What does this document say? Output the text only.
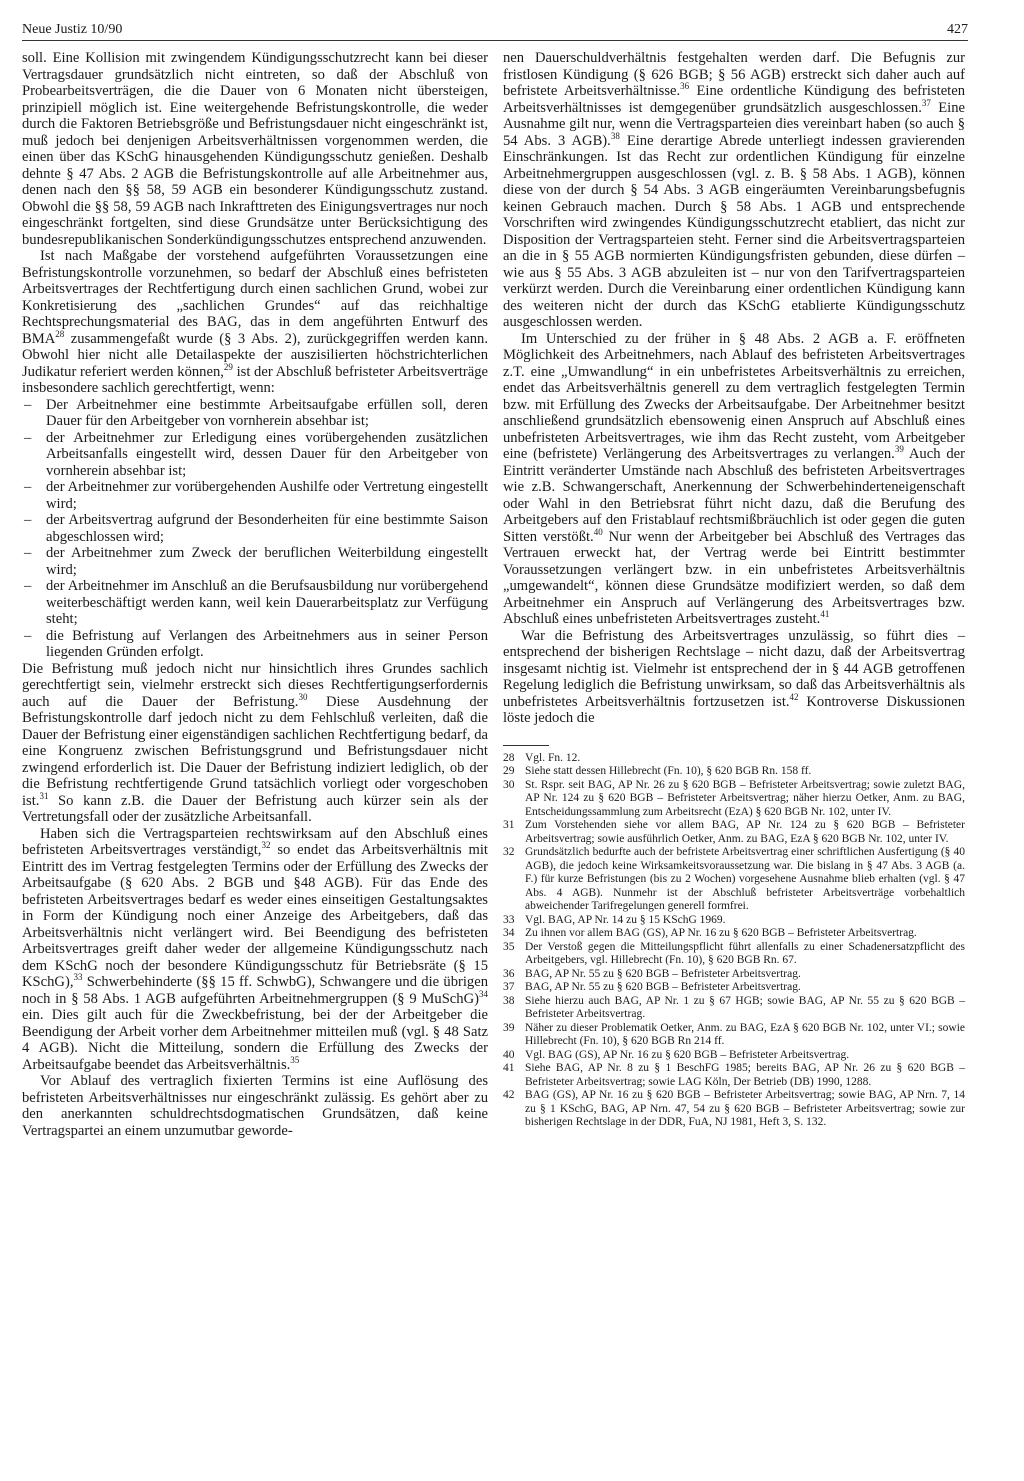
Neue Justiz 10/90	427

soll. Eine Kollision mit zwingendem Kündigungsschutzrecht kann bei dieser Vertragsdauer grundsätzlich nicht eintreten, so daß der Abschluß von Probearbeitsverträgen, die die Dauer von 6 Monaten nicht übersteigen, prinzipiell möglich ist. Eine weitergehende Befristungskontrolle, die weder durch die Faktoren Betriebsgröße und Befristungsdauer nicht eingeschränkt ist, muß jedoch bei denjenigen Arbeitsverhältnissen vorgenommen werden, die einen über das KSchG hinausgehenden Kündigungsschutz genießen. Deshalb dehnte § 47 Abs. 2 AGB die Befristungskontrolle auf alle Arbeitnehmer aus, denen nach den §§ 58, 59 AGB ein besonderer Kündigungsschutz zustand. Obwohl die §§ 58, 59 AGB nach Inkrafttreten des Einigungsvertrages nur noch eingeschränkt fortgelten, sind diese Grundsätze unter Berücksichtigung des bundesrepublikanischen Sonderkündigungsschutzes entsprechend anzuwenden.

Ist nach Maßgabe der vorstehend aufgeführten Voraussetzungen eine Befristungskontrolle vorzunehmen, so bedarf der Abschluß eines befristeten Arbeitsvertrages der Rechtfertigung durch einen sachlichen Grund, wobei zur Konkretisierung des „sachlichen Grundes“ auf das reichhaltige Rechtsprechungsmaterial des BAG, das in dem angeführten Entwurf des BMA$^{28}$ zusammengefaßt wurde (§ 3 Abs. 2), zurückgegriffen werden kann. Obwohl hier nicht alle Detailaspekte der auszisilierten höchstrichterlichen Judikatur referiert werden können,$^{29}$ ist der Abschluß befristeter Arbeitsverträge insbesondere sachlich gerechtfertigt, wenn:

– Der Arbeitnehmer eine bestimmte Arbeitsaufgabe erfüllen soll, deren Dauer für den Arbeitgeber von vornherein absehbar ist;
– der Arbeitnehmer zur Erledigung eines vorübergehenden zusätzlichen Arbeitsanfalls eingestellt wird, dessen Dauer für den Arbeitgeber von vornherein absehbar ist;
– der Arbeitnehmer zur vorübergehenden Aushilfe oder Vertretung eingestellt wird;
– der Arbeitsvertrag aufgrund der Besonderheiten für eine bestimmte Saison abgeschlossen wird;
– der Arbeitnehmer zum Zweck der beruflichen Weiterbildung eingestellt wird;
– der Arbeitnehmer im Anschluß an die Berufsausbildung nur vorübergehend weiterbeschäftigt werden kann, weil kein Dauerarbeitsplatz zur Verfügung steht;
– die Befristung auf Verlangen des Arbeitnehmers aus in seiner Person liegenden Gründen erfolgt.

Die Befristung muß jedoch nicht nur hinsichtlich ihres Grundes sachlich gerechtfertigt sein, vielmehr erstreckt sich dieses Rechtfertigungserfordernis auch auf die Dauer der Befristung.$^{30}$ Diese Ausdehnung der Befristungskontrolle darf jedoch nicht zu dem Fehlschluß verleiten, daß die Dauer der Befristung einer eigenständigen sachlichen Rechtfertigung bedarf, da eine Kongruenz zwischen Befristungsgrund und Befristungsdauer nicht zwingend erforderlich ist. Die Dauer der Befristung indiziert lediglich, ob der die Befristung rechtfertigende Grund tatsächlich vorliegt oder vorgeschoben ist.$^{31}$ So kann z.B. die Dauer der Befristung auch kürzer sein als der Vertretungsfall oder der zusätzliche Arbeitsanfall.

Haben sich die Vertragsparteien rechtswirksam auf den Abschluß eines befristeten Arbeitsvertrages verständigt,$^{32}$ so endet das Arbeitsverhältnis mit Eintritt des im Vertrag festgelegten Termins oder der Erfüllung des Zwecks der Arbeitsaufgabe (§ 620 Abs. 2 BGB und §48 AGB). Für das Ende des befristeten Arbeitsvertrages bedarf es weder eines einseitigen Gestaltungsaktes in Form der Kündigung noch einer Anzeige des Arbeitgebers, daß das Arbeitsverhältnis nicht verlängert wird. Bei Beendigung des befristeten Arbeitsvertrages greift daher weder der allgemeine Kündigungsschutz nach dem KSchG noch der besondere Kündigungsschutz für Betriebsräte (§ 15 KSchG),$^{33}$ Schwerbehinderte (§§ 15 ff. SchwbG), Schwangere und die übrigen noch in § 58 Abs. 1 AGB aufgeführten Arbeitnehmergruppen (§ 9 MuSchG)$^{34}$ ein. Dies gilt auch für die Zweckbefristung, bei der der Arbeitgeber die Beendigung der Arbeit vorher dem Arbeitnehmer mitteilen muß (vgl. § 48 Satz 4 AGB). Nicht die Mitteilung, sondern die Erfüllung des Zwecks der Arbeitsaufgabe beendet das Arbeitsverhältnis.$^{35}$

Vor Ablauf des vertraglich fixierten Termins ist eine Auflösung des befristeten Arbeitsverhältnisses nur eingeschränkt zulässig. Es gehört aber zu den anerkannten schuldrechtsdogmatischen Grundsätzen, daß keine Vertragspartei an einem unzumutbar geworde-

nen Dauerschuldverhältnis festgehalten werden darf. Die Befugnis zur fristlosen Kündigung (§ 626 BGB; § 56 AGB) erstreckt sich daher auch auf befristete Arbeitsverhältnisse.$^{36}$ Eine ordentliche Kündigung des befristeten Arbeitsverhältnisses ist demgegenüber grundsätzlich ausgeschlossen.$^{37}$ Eine Ausnahme gilt nur, wenn die Vertragsparteien dies vereinbart haben (so auch § 54 Abs. 3 AGB).$^{38}$ Eine derartige Abrede unterliegt indessen gravierenden Einschränkungen. Ist das Recht zur ordentlichen Kündigung für einzelne Arbeitnehmergruppen ausgeschlossen (vgl. z. B. § 58 Abs. 1 AGB), können diese von der durch § 54 Abs. 3 AGB eingeräumten Vereinbarungsbefugnis keinen Gebrauch machen. Durch § 58 Abs. 1 AGB und entsprechende Vorschriften wird zwingendes Kündigungsschutzrecht etabliert, das nicht zur Disposition der Vertragsparteien steht. Ferner sind die Arbeitsvertragsparteien an die in § 55 AGB normierten Kündigungsfristen gebunden, diese dürfen – wie aus § 55 Abs. 3 AGB abzuleiten ist – nur von den Tarifvertragsparteien verkürzt werden. Durch die Vereinbarung einer ordentlichen Kündigung kann des weiteren nicht der durch das KSchG etablierte Kündigungsschutz ausgeschlossen werden.

Im Unterschied zu der früher in § 48 Abs. 2 AGB a. F. eröffneten Möglichkeit des Arbeitnehmers, nach Ablauf des befristeten Arbeitsvertrages z.T. eine „Umwandlung“ in ein unbefristetes Arbeitsverhältnis zu erreichen, endet das Arbeitsverhältnis generell zu dem vertraglich festgelegten Termin bzw. mit Erfüllung des Zwecks der Arbeitsaufgabe. Der Arbeitnehmer besitzt anschließend grundsätzlich ebensowenig einen Anspruch auf Abschluß eines unbefristeten Arbeitsvertrages, wie ihm das Recht zusteht, vom Arbeitgeber eine (befristete) Verlängerung des Arbeitsvertrages zu verlangen.$^{39}$ Auch der Eintritt veränderter Umstände nach Abschluß des befristeten Arbeitsvertrages wie z.B. Schwangerschaft, Anerkennung der Schwerbehinderteneigenschaft oder Wahl in den Betriebsrat führt nicht dazu, daß die Berufung des Arbeitgebers auf den Fristablauf rechtsmißbräuchlich ist oder gegen die guten Sitten verstößt.$^{40}$ Nur wenn der Arbeitgeber bei Abschluß des Vertrages das Vertrauen erweckt hat, der Vertrag werde bei Eintritt bestimmter Voraussetzungen verlängert bzw. in ein unbefristetes Arbeitsverhältnis „umgewandelt“, können diese Grundsätze modifiziert werden, so daß dem Arbeitnehmer ein Anspruch auf Verlängerung des Arbeitsvertrages bzw. Abschluß eines unbefristeten Arbeitsvertrages zusteht.$^{41}$

War die Befristung des Arbeitsvertrages unzulässig, so führt dies – entsprechend der bisherigen Rechtslage – nicht dazu, daß der Arbeitsvertrag insgesamt nichtig ist. Vielmehr ist entsprechend der in § 44 AGB getroffenen Regelung lediglich die Befristung unwirksam, so daß das Arbeitsverhältnis als unbefristetes Arbeitsverhältnis fortzusetzen ist.$^{42}$ Kontroverse Diskussionen löste jedoch die

28 Vgl. Fn. 12.
29 Siehe statt dessen Hillebrecht (Fn. 10), § 620 BGB Rn. 158 ff.
30 St. Rspr. seit BAG, AP Nr. 26 zu § 620 BGB – Befristeter Arbeitsvertrag; sowie zuletzt BAG, AP Nr. 124 zu § 620 BGB – Befristeter Arbeitsvertrag; näher hierzu Oetker, Anm. zu BAG, Entscheidungssammlung zum Arbeitsrecht (EzA) § 620 BGB Nr. 102, unter IV.
31 Zum Vorstehenden siehe vor allem BAG, AP Nr. 124 zu § 620 BGB – Befristeter Arbeitsvertrag; sowie ausführlich Oetker, Anm. zu BAG, EzA § 620 BGB Nr. 102, unter IV.
32 Grundsätzlich bedurfte auch der befristete Arbeitsvertrag einer schriftlichen Ausfertigung (§ 40 AGB), die jedoch keine Wirksamkeitsvoraussetzung war. Die bislang in § 47 Abs. 3 AGB (a. F.) für kurze Befristungen (bis zu 2 Wochen) vorgesehene Ausnahme blieb erhalten (vgl. § 47 Abs. 4 AGB). Nunmehr ist der Abschluß befristeter Arbeitsverträge vorbehaltlich abweichender Tarifregelungen generell formfrei.
33 Vgl. BAG, AP Nr. 14 zu § 15 KSchG 1969.
34 Zu ihnen vor allem BAG (GS), AP Nr. 16 zu § 620 BGB – Befristeter Arbeitsvertrag.
35 Der Verstoß gegen die Mitteilungspflicht führt allenfalls zu einer Schadenersatzpflicht des Arbeitgebers, vgl. Hillebrecht (Fn. 10), § 620 BGB Rn. 67.
36 BAG, AP Nr. 55 zu § 620 BGB – Befristeter Arbeitsvertrag.
37 BAG, AP Nr. 55 zu § 620 BGB – Befristeter Arbeitsvertrag.
38 Siehe hierzu auch BAG, AP Nr. 1 zu § 67 HGB; sowie BAG, AP Nr. 55 zu § 620 BGB – Befristeter Arbeitsvertrag.
39 Näher zu dieser Problematik Oetker, Anm. zu BAG, EzA § 620 BGB Nr. 102, unter VI.; sowie Hillebrecht (Fn. 10), § 620 BGB Rn 214 ff.
40 Vgl. BAG (GS), AP Nr. 16 zu § 620 BGB – Befristeter Arbeitsvertrag.
41 Siehe BAG, AP Nr. 8 zu § 1 BeschFG 1985; bereits BAG, AP Nr. 26 zu § 620 BGB – Befristeter Arbeitsvertrag; sowie LAG Köln, Der Betrieb (DB) 1990, 1288.
42 BAG (GS), AP Nr. 16 zu § 620 BGB – Befristeter Arbeitsvertrag; sowie BAG, AP Nrn. 7, 14 zu § 1 KSchG, BAG, AP Nrn. 47, 54 zu § 620 BGB – Befristeter Arbeitsvertrag; sowie zur bisherigen Rechtslage in der DDR, FuA, NJ 1981, Heft 3, S. 132.
